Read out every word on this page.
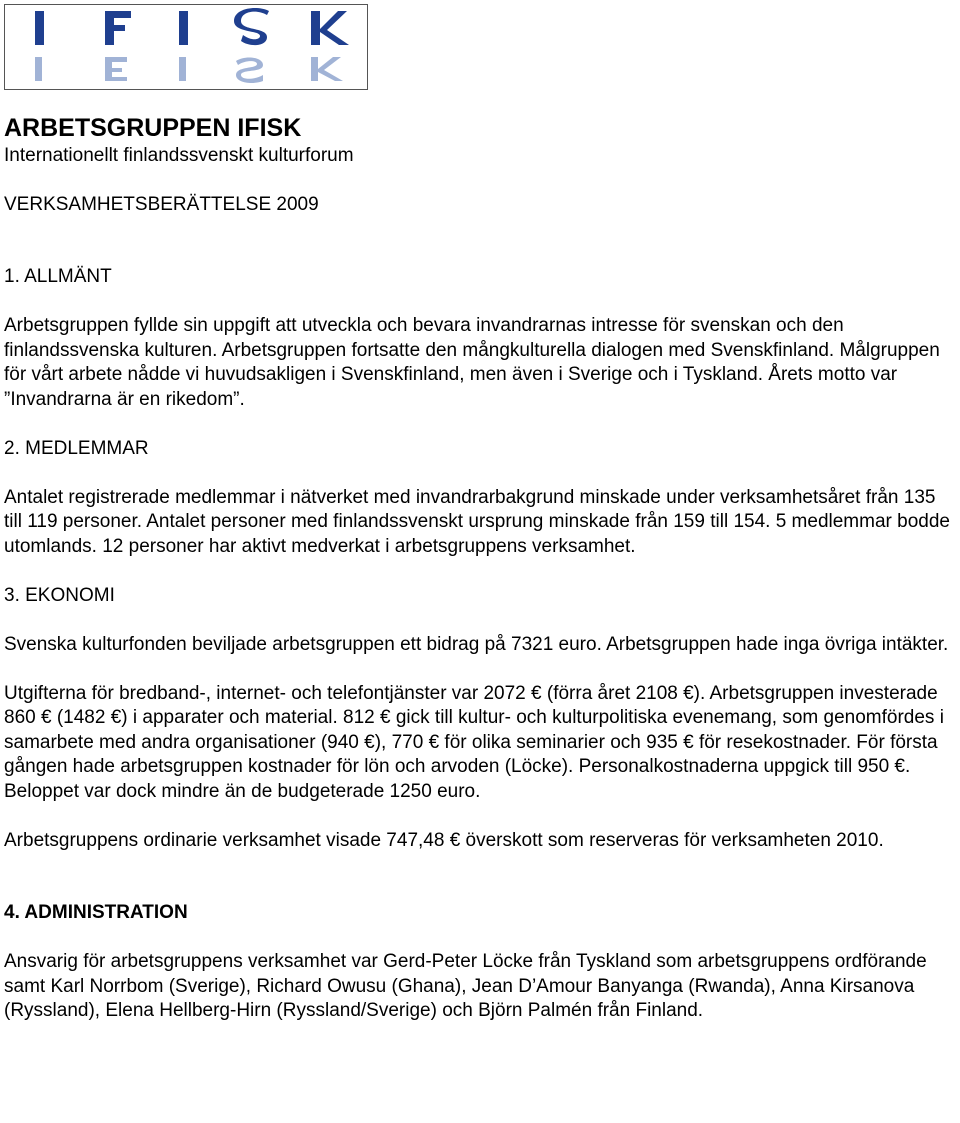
ARBETSGRUPPEN IFISK

Internationellt finlandssvenskt kulturforum

VERKSAMHETSBERÄTTELSE 2009

1. ALLMÄNT

Arbetsgruppen fyllde sin uppgift att utveckla och bevara invandrarnas intresse för svenskan och den finlandssvenska kulturen. Arbetsgruppen fortsatte den mångkulturella dialogen med Svenskfinland. Målgruppen för vårt arbete nådde vi huvudsakligen i Svenskfinland, men även i Sverige och i Tyskland. Årets motto var ”Invandrarna är en rikedom”.

2. MEDLEMMAR

Antalet registrerade medlemmar i nätverket med invandrarbakgrund minskade under verksamhetsåret från 135 till 119 personer. Antalet personer med finlandssvenskt ursprung minskade från 159 till 154. 5 medlemmar bodde utomlands. 12 personer har aktivt medverkat i arbetsgruppens verksamhet.

3. EKONOMI

Svenska kulturfonden beviljade arbetsgruppen ett bidrag på 7321 euro. Arbetsgruppen hade inga övriga intäkter.

Utgifterna för bredband-, internet- och telefontjänster var 2072 € (förra året 2108 €). Arbetsgruppen investerade 860 € (1482 €) i apparater och material. 812 € gick till kultur- och kulturpolitiska evenemang, som genomfördes i samarbete med andra organisationer (940 €), 770 € för olika seminarier och 935 € för resekostnader. För första gången hade arbetsgruppen kostnader för lön och arvoden (Löcke). Personalkostnaderna uppgick till 950 €. Beloppet var dock mindre än de budgeterade 1250 euro.

Arbetsgruppens ordinarie verksamhet visade 747,48 € överskott som reserveras för verksamheten 2010.

4. ADMINISTRATION

Ansvarig för arbetsgruppens verksamhet var Gerd-Peter Löcke från Tyskland som arbetsgruppens ordförande samt Karl Norrbom (Sverige), Richard Owusu (Ghana), Jean D’Amour Banyanga (Rwanda), Anna Kirsanova (Ryssland), Elena Hellberg-Hirn (Ryssland/Sverige) och Björn Palmén från Finland.
